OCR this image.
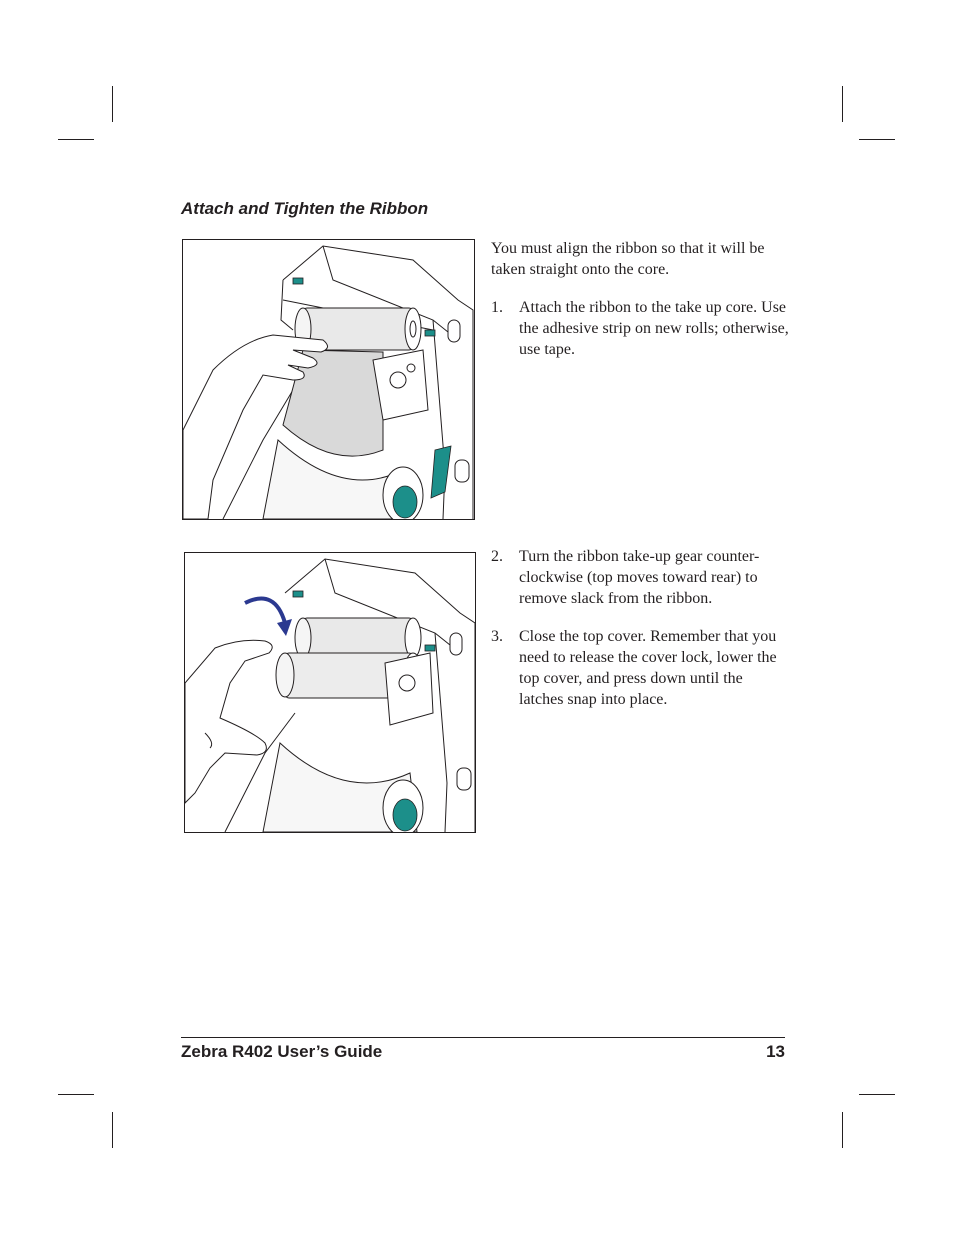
Attach and Tighten the Ribbon
You must align the ribbon so that it will be taken straight onto the core.
1.	Attach the ribbon to the take up core. Use the adhesive strip on new rolls; otherwise, use tape.
2.	Turn the ribbon take-up gear counter-clockwise (top moves toward rear) to remove slack from the ribbon.
3.	Close the top cover. Remember that you need to release the cover lock, lower the top cover, and press down until the latches snap into place.
Zebra R402 User’s Guide	13
